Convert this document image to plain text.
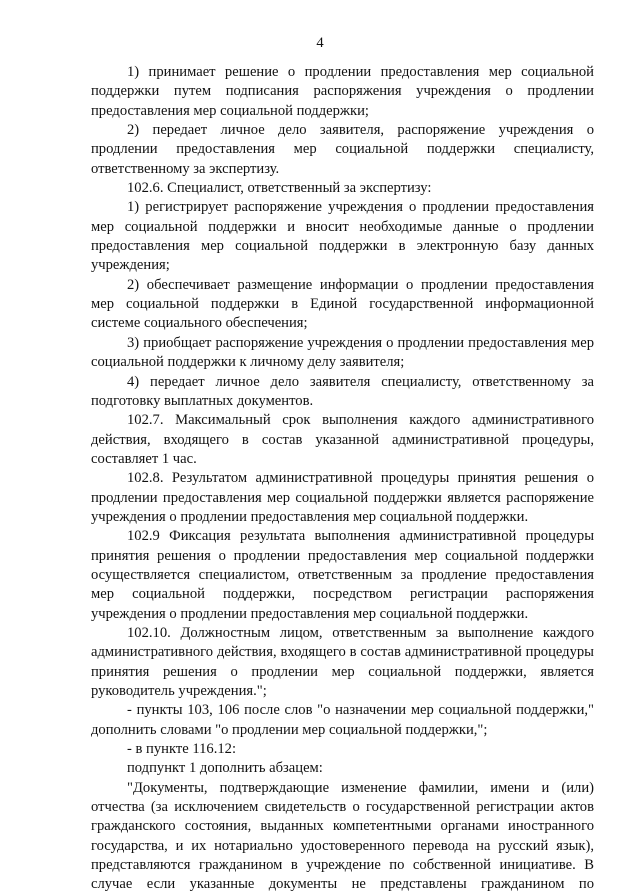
4

1) принимает решение о продлении предоставления мер социальной поддержки путем подписания распоряжения учреждения о продлении предоставления мер социальной поддержки;

2) передает личное дело заявителя, распоряжение учреждения о продлении предоставления мер социальной поддержки специалисту, ответственному за экспертизу.

102.6. Специалист, ответственный за экспертизу:

1) регистрирует распоряжение учреждения о продлении предоставления мер социальной поддержки и вносит необходимые данные о продлении предоставления мер социальной поддержки в электронную базу данных учреждения;

2) обеспечивает размещение информации о продлении предоставления мер социальной поддержки в Единой государственной информационной системе социального обеспечения;

3) приобщает распоряжение учреждения о продлении предоставления мер социальной поддержки к личному делу заявителя;

4) передает личное дело заявителя специалисту, ответственному за подготовку выплатных документов.

102.7. Максимальный срок выполнения каждого административного действия, входящего в состав указанной административной процедуры, составляет 1 час.

102.8. Результатом административной процедуры принятия решения о продлении предоставления мер социальной поддержки является распоряжение учреждения о продлении предоставления мер социальной поддержки.

102.9 Фиксация результата выполнения административной процедуры принятия решения о продлении предоставления мер социальной поддержки осуществляется специалистом, ответственным за продление предоставления мер социальной поддержки, посредством регистрации распоряжения учреждения о продлении предоставления мер социальной поддержки.

102.10. Должностным лицом, ответственным за выполнение каждого административного действия, входящего в состав административной процедуры принятия решения о продлении мер социальной поддержки, является руководитель учреждения.";

- пункты 103, 106 после слов "о назначении мер социальной поддержки," дополнить словами "о продлении мер социальной поддержки,";

- в пункте 116.12:

подпункт 1 дополнить абзацем:

"Документы, подтверждающие изменение фамилии, имени и (или) отчества (за исключением свидетельств о государственной регистрации актов гражданского состояния, выданных компетентными органами иностранного государства, и их нотариально удостоверенного перевода на русский язык), представляются гражданином в учреждение по собственной инициативе. В случае если указанные документы не представлены гражданином по
